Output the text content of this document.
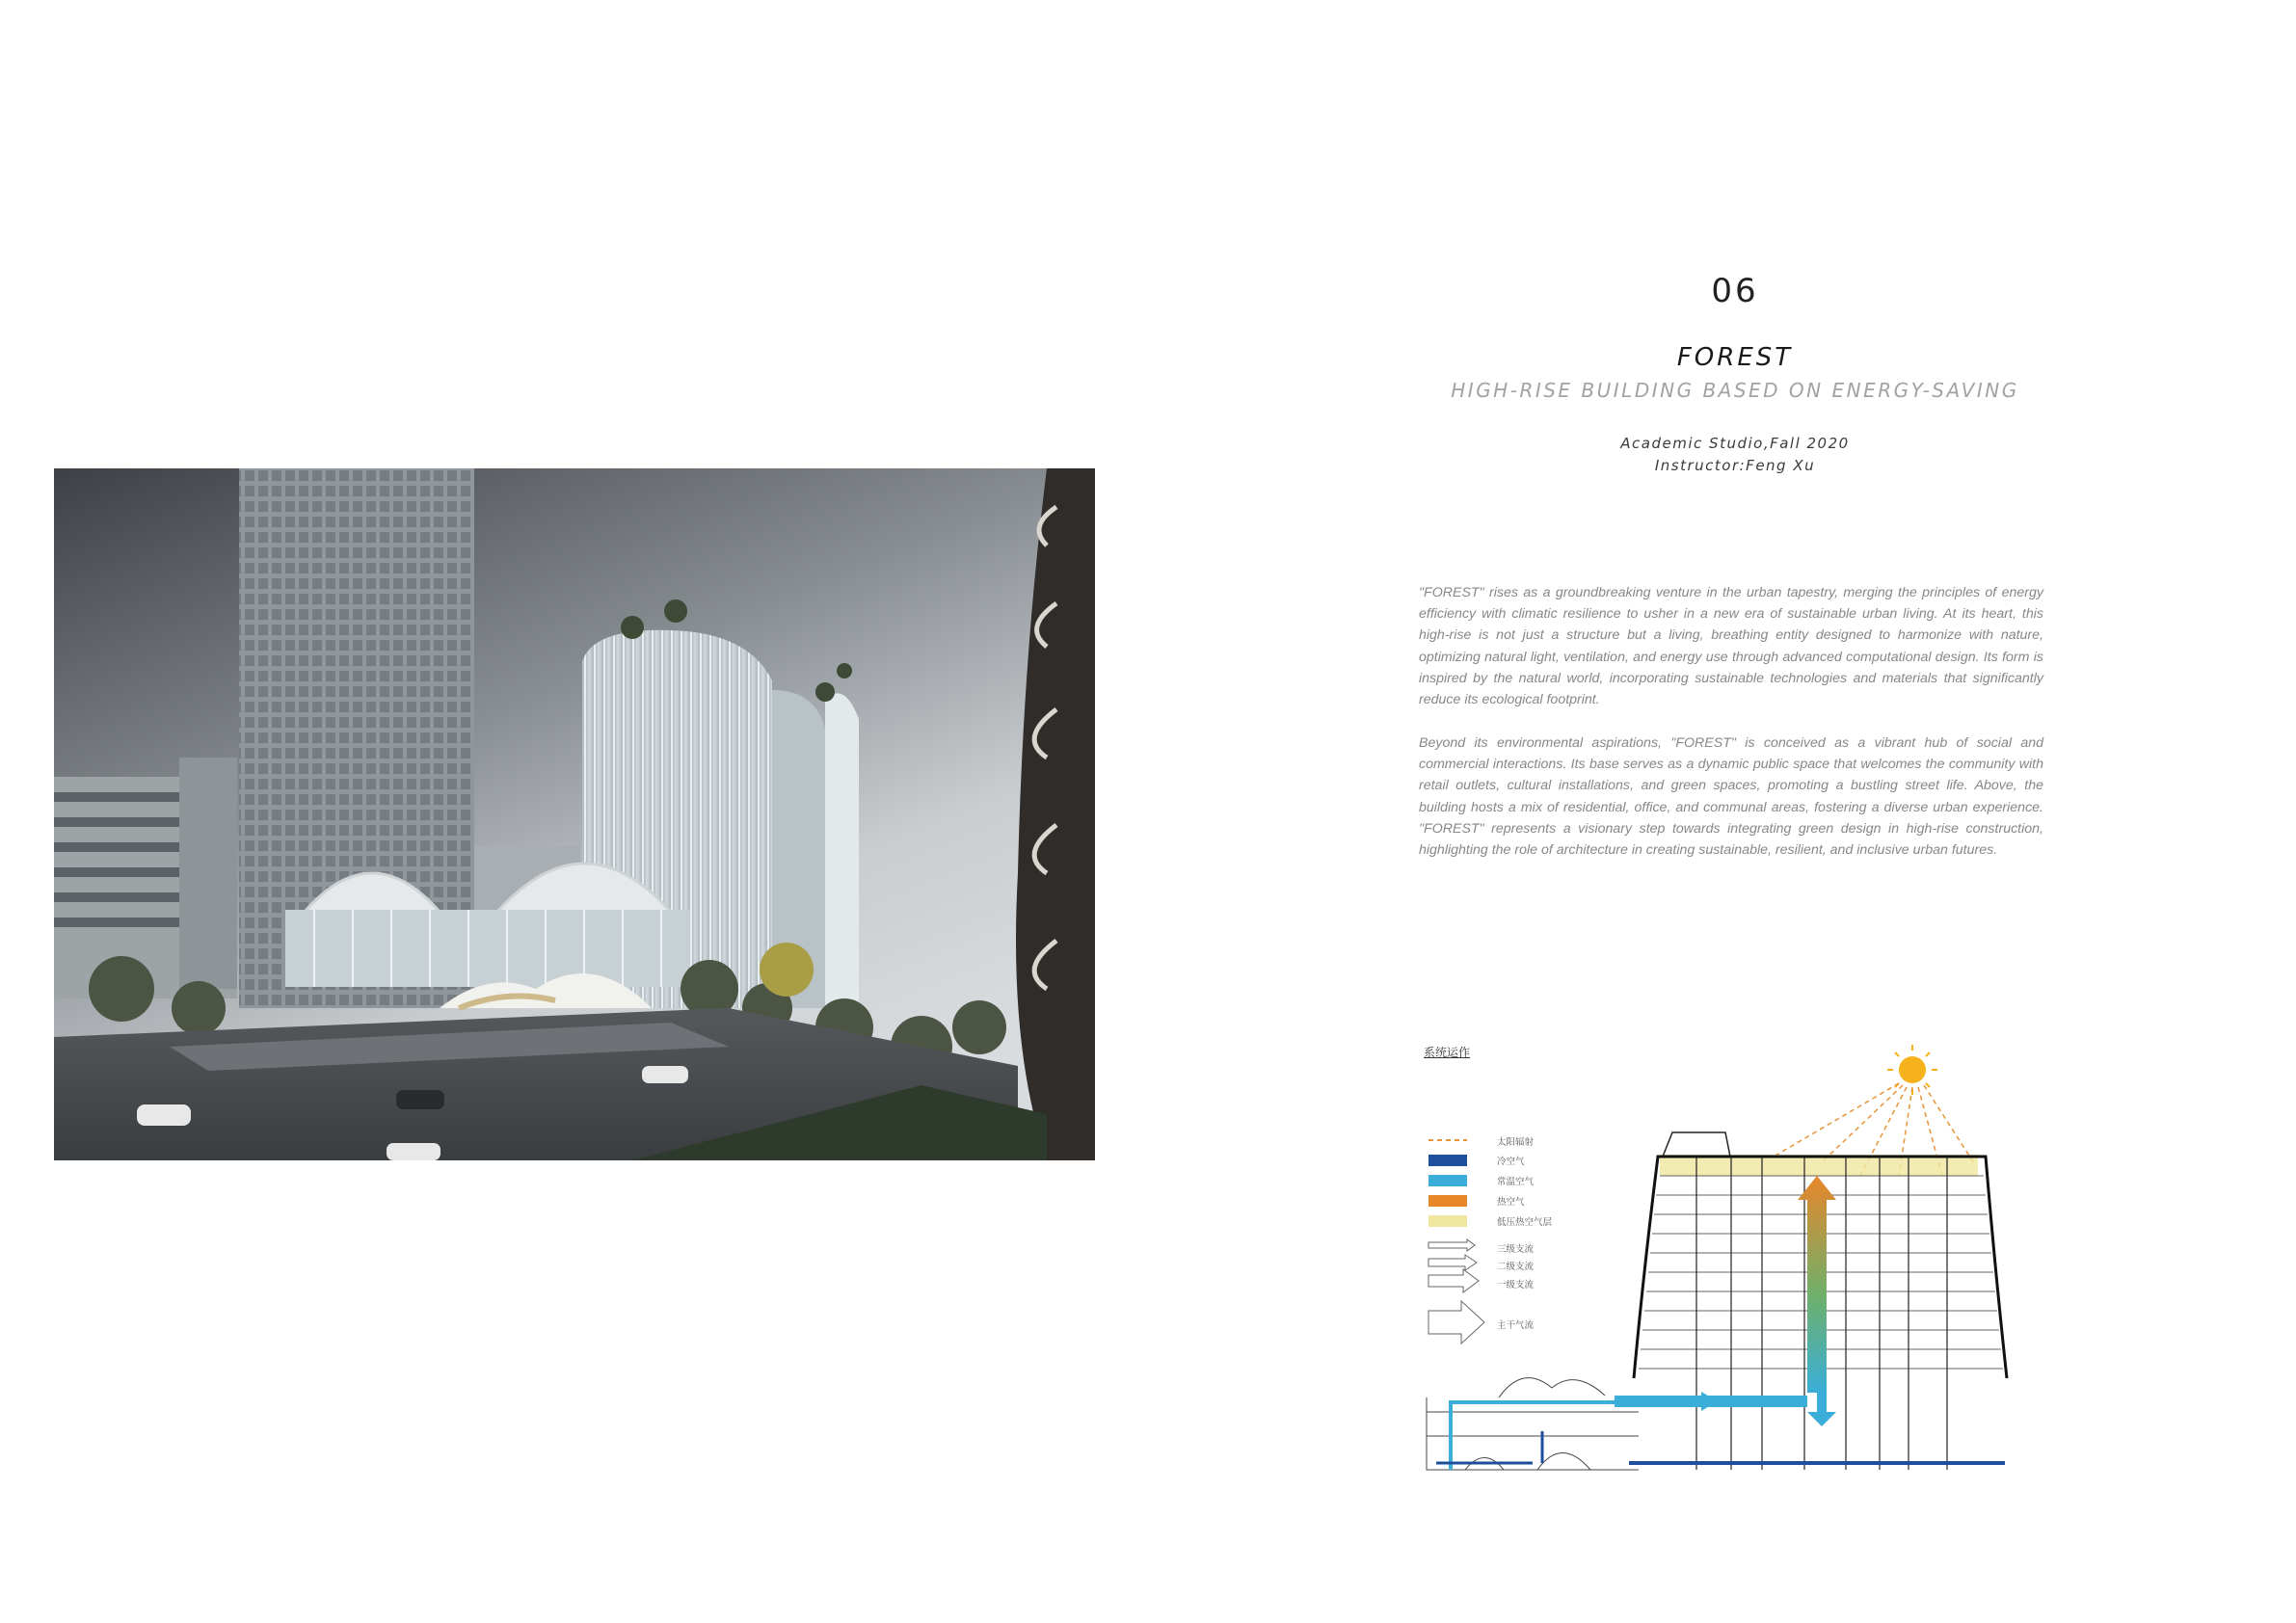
06
FOREST
HIGH-RISE BUILDING BASED ON ENERGY-SAVING
Academic Studio,Fall 2020
Instructor:Feng Xu

"FOREST" rises as a groundbreaking venture in the urban tapestry, merging the principles of energy efficiency with climatic resilience to usher in a new era of sustainable urban living. At its heart, this high-rise is not just a structure but a living, breathing entity designed to harmonize with nature, optimizing natural light, ventilation, and energy use through advanced computational design. Its form is inspired by the natural world, incorporating sustainable technologies and materials that significantly reduce its ecological footprint.

Beyond its environmental aspirations, "FOREST" is conceived as a vibrant hub of social and commercial interactions. Its base serves as a dynamic public space that welcomes the community with retail outlets, cultural installations, and green spaces, promoting a bustling street life. Above, the building hosts a mix of residential, office, and communal areas, fostering a diverse urban experience. "FOREST" represents a visionary step towards integrating green design in high-rise construction, highlighting the role of architecture in creating sustainable, resilient, and inclusive urban futures.

系统运作
太阳辐射
冷空气
常温空气
热空气
低压热空气层
三级支流
二级支流
一级支流
主干气流
